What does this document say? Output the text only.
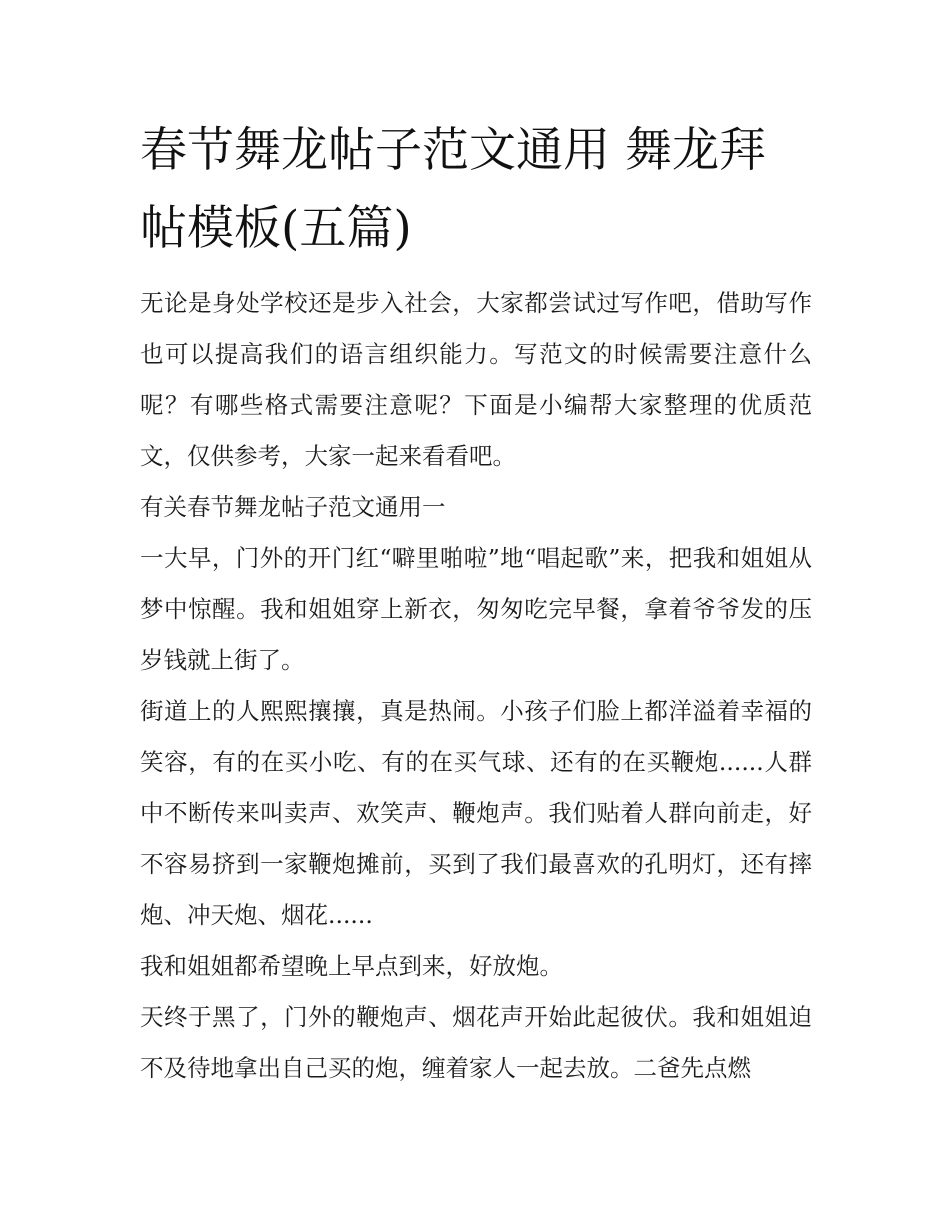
春节舞龙帖子范文通用 舞龙拜帖模板(五篇)

无论是身处学校还是步入社会，大家都尝试过写作吧，借助写作也可以提高我们的语言组织能力。写范文的时候需要注意什么呢？有哪些格式需要注意呢？下面是小编帮大家整理的优质范文，仅供参考，大家一起来看看吧。

有关春节舞龙帖子范文通用一

一大早，门外的开门红“噼里啪啦”地“唱起歌”来，把我和姐姐从梦中惊醒。我和姐姐穿上新衣，匆匆吃完早餐，拿着爷爷发的压岁钱就上街了。

街道上的人熙熙攘攘，真是热闹。小孩子们脸上都洋溢着幸福的笑容，有的在买小吃、有的在买气球、还有的在买鞭炮......人群中不断传来叫卖声、欢笑声、鞭炮声。我们贴着人群向前走，好不容易挤到一家鞭炮摊前，买到了我们最喜欢的孔明灯，还有摔炮、冲天炮、烟花......

我和姐姐都希望晚上早点到来，好放炮。

天终于黑了，门外的鞭炮声、烟花声开始此起彼伏。我和姐姐迫不及待地拿出自己买的炮，缠着家人一起去放。二爸先点燃
